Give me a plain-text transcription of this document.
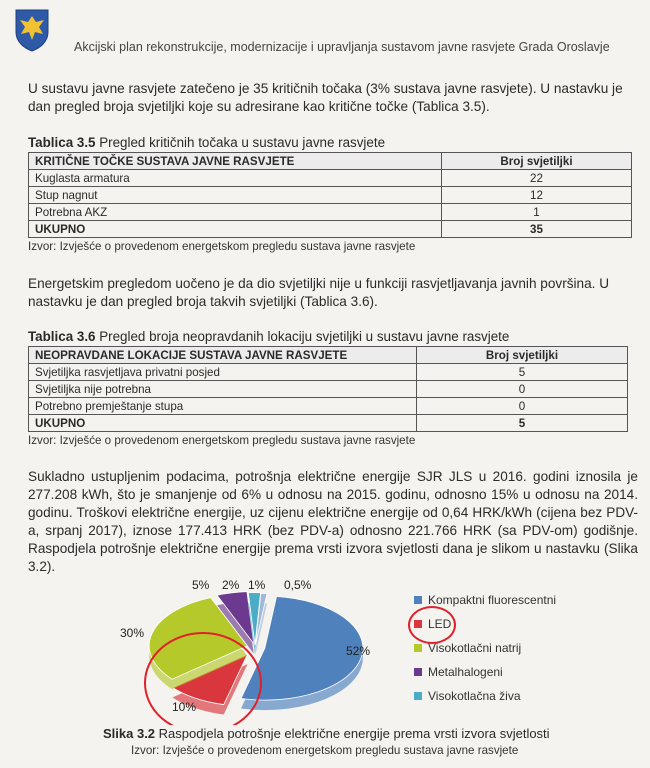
Akcijski plan rekonstrukcije, modernizacije i upravljanja sustavom javne rasvjete Grada Oroslavje
U sustavu javne rasvjete zatečeno je 35 kritičnih točaka (3% sustava javne rasvjete). U nastavku je dan pregled broja svjetiljki koje su adresirane kao kritične točke (Tablica 3.5).
Tablica 3.5 Pregled kritičnih točaka u sustavu javne rasvjete
KRITIČNE TOČKE SUSTAVA JAVNE RASVJETE	Broj svjetiljki
Kuglasta armatura	22
Stup nagnut	12
Potrebna AKZ	1
UKUPNO	35
Izvor: Izvješće o provedenom energetskom pregledu sustava javne rasvjete
Energetskim pregledom uočeno je da dio svjetiljki nije u funkciji rasvjetljavanja javnih površina. U nastavku je dan pregled broja takvih svjetiljki (Tablica 3.6).
Tablica 3.6 Pregled broja neopravdanih lokaciju svjetiljki u sustavu javne rasvjete
NEOPRAVDANE LOKACIJE SUSTAVA JAVNE RASVJETE	Broj svjetiljki
Svjetiljka rasvjetljava privatni posjed	5
Svjetiljka nije potrebna	0
Potrebno premještanje stupa	0
UKUPNO	5
Izvor: Izvješće o provedenom energetskom pregledu sustava javne rasvjete
Sukladno ustupljenim podacima, potrošnja električne energije SJR JLS u 2016. godini iznosila je 277.208 kWh, što je smanjenje od 6% u odnosu na 2015. godinu, odnosno 15% u odnosu na 2014. godinu. Troškovi električne energije, uz cijenu električne energije od 0,64 HRK/kWh (cijena bez PDV-a, srpanj 2017), iznose 177.413 HRK (bez PDV-a) odnosno 221.766 HRK (sa PDV-om) godišnje. Raspodjela potrošnje električne energije prema vrsti izvora svjetlosti dana je slikom u nastavku (Slika 3.2).
52%
10%
30%
5% 2% 1% 0,5%
Kompaktni fluorescentni
LED
Visokotlačni natrij
Metalhalogeni
Visokotlačna živa
Slika 3.2 Raspodjela potrošnje električne energije prema vrsti izvora svjetlosti
Izvor: Izvješće o provedenom energetskom pregledu sustava javne rasvjete
